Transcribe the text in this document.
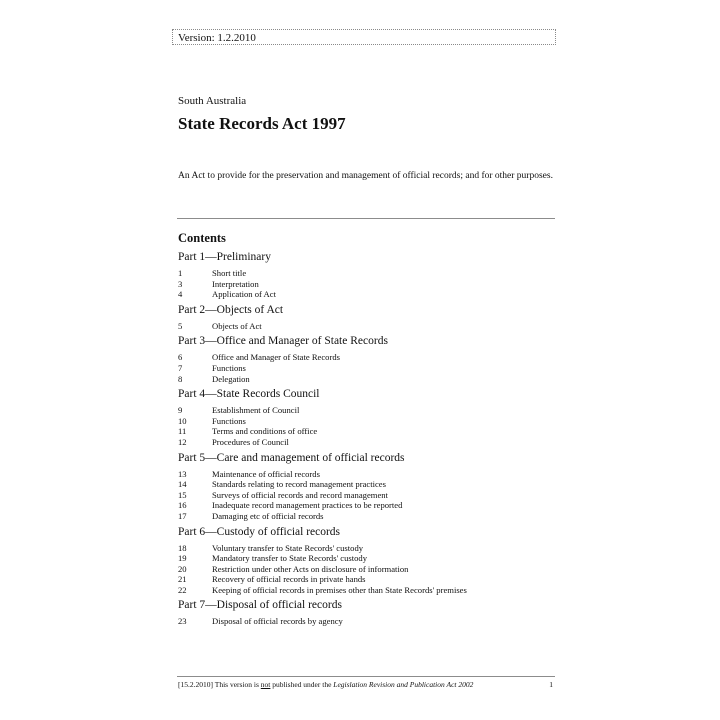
Version: 1.2.2010
South Australia
State Records Act 1997

An Act to provide for the preservation and management of official records; and for other purposes.

Contents
Part 1—Preliminary
1	Short title
3	Interpretation
4	Application of Act
Part 2—Objects of Act
5	Objects of Act
Part 3—Office and Manager of State Records
6	Office and Manager of State Records
7	Functions
8	Delegation
Part 4—State Records Council
9	Establishment of Council
10	Functions
11	Terms and conditions of office
12	Procedures of Council
Part 5—Care and management of official records
13	Maintenance of official records
14	Standards relating to record management practices
15	Surveys of official records and record management
16	Inadequate record management practices to be reported
17	Damaging etc of official records
Part 6—Custody of official records
18	Voluntary transfer to State Records' custody
19	Mandatory transfer to State Records' custody
20	Restriction under other Acts on disclosure of information
21	Recovery of official records in private hands
22	Keeping of official records in premises other than State Records' premises
Part 7—Disposal of official records
23	Disposal of official records by agency
[15.2.2010] This version is not published under the Legislation Revision and Publication Act 2002	1
